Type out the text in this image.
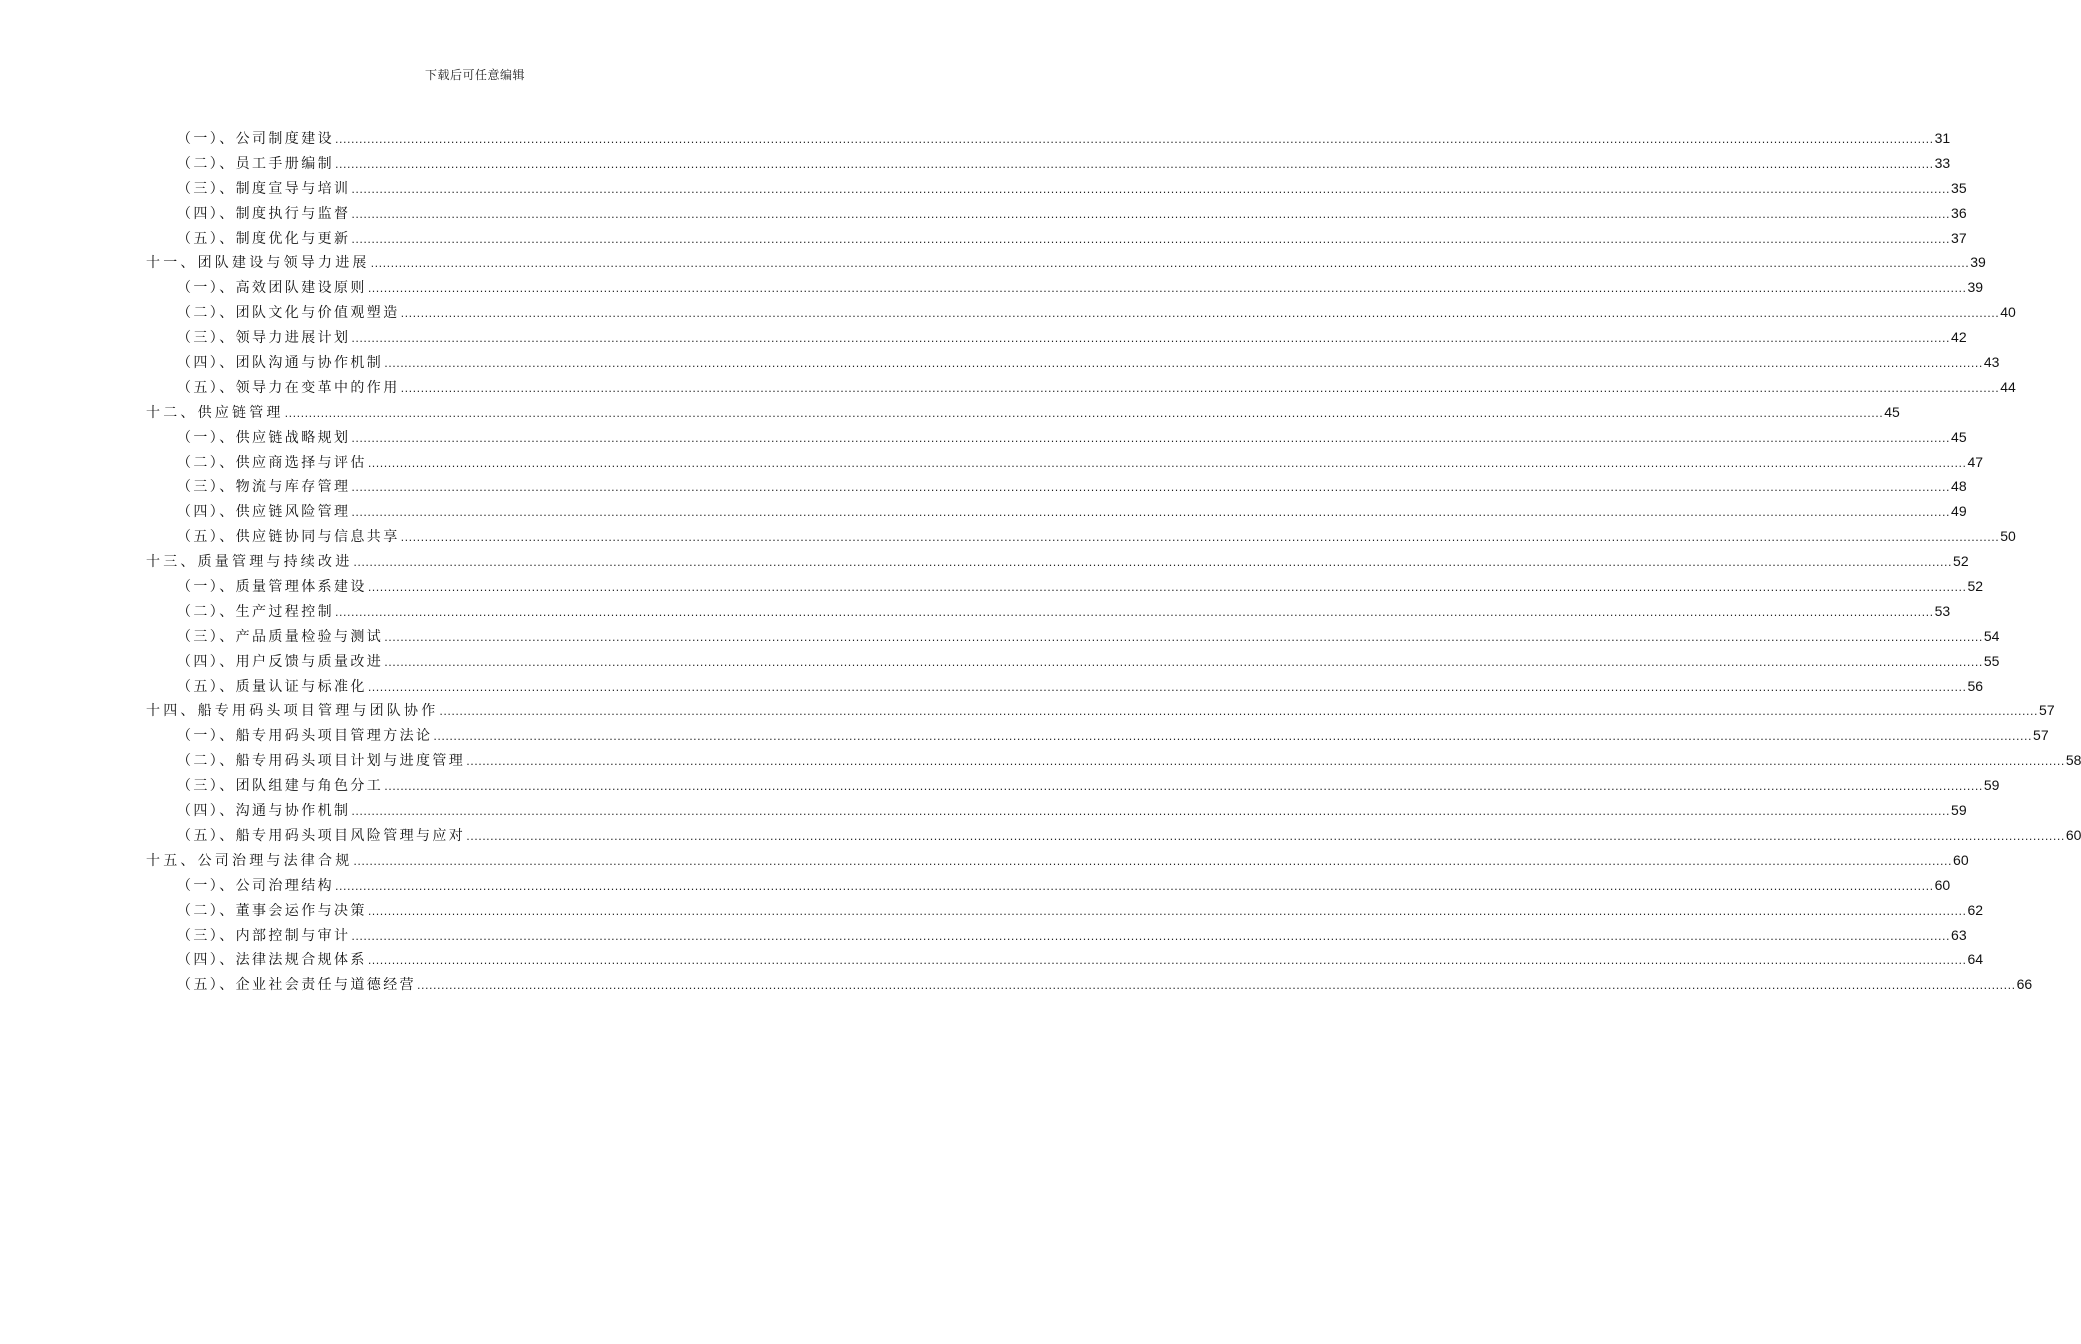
下载后可任意编辑
（一）、公司制度建设 ................................................................................................................................................................................................................................................................................................................................................................................................................ 31
（二）、员工手册编制 ................................................................................................................................................................................................................................................................................................................................................................................................................ 33
（三）、制度宣导与培训 ................................................................................................................................................................................................................................................................................................................................................................................................................ 35
（四）、制度执行与监督 ................................................................................................................................................................................................................................................................................................................................................................................................................ 36
（五）、制度优化与更新 ................................................................................................................................................................................................................................................................................................................................................................................................................ 37
十一、团队建设与领导力进展 ................................................................................................................................................................................................................................................................................................................................................................................................................ 39
（一）、高效团队建设原则 ................................................................................................................................................................................................................................................................................................................................................................................................................ 39
（二）、团队文化与价值观塑造 ................................................................................................................................................................................................................................................................................................................................................................................................................ 40
（三）、领导力进展计划 ................................................................................................................................................................................................................................................................................................................................................................................................................ 42
（四）、团队沟通与协作机制 ................................................................................................................................................................................................................................................................................................................................................................................................................ 43
（五）、领导力在变革中的作用 ................................................................................................................................................................................................................................................................................................................................................................................................................ 44
十二、供应链管理 ................................................................................................................................................................................................................................................................................................................................................................................................................ 45
（一）、供应链战略规划 ................................................................................................................................................................................................................................................................................................................................................................................................................ 45
（二）、供应商选择与评估 ................................................................................................................................................................................................................................................................................................................................................................................................................ 47
（三）、物流与库存管理 ................................................................................................................................................................................................................................................................................................................................................................................................................ 48
（四）、供应链风险管理 ................................................................................................................................................................................................................................................................................................................................................................................................................ 49
（五）、供应链协同与信息共享 ................................................................................................................................................................................................................................................................................................................................................................................................................ 50
十三、质量管理与持续改进 ................................................................................................................................................................................................................................................................................................................................................................................................................ 52
（一）、质量管理体系建设 ................................................................................................................................................................................................................................................................................................................................................................................................................ 52
（二）、生产过程控制 ................................................................................................................................................................................................................................................................................................................................................................................................................ 53
（三）、产品质量检验与测试 ................................................................................................................................................................................................................................................................................................................................................................................................................ 54
（四）、用户反馈与质量改进 ................................................................................................................................................................................................................................................................................................................................................................................................................ 55
（五）、质量认证与标准化 ................................................................................................................................................................................................................................................................................................................................................................................................................ 56
十四、船专用码头项目管理与团队协作 ................................................................................................................................................................................................................................................................................................................................................................................................................ 57
（一）、船专用码头项目管理方法论 ................................................................................................................................................................................................................................................................................................................................................................................................................ 57
（二）、船专用码头项目计划与进度管理 ................................................................................................................................................................................................................................................................................................................................................................................................................ 58
（三）、团队组建与角色分工 ................................................................................................................................................................................................................................................................................................................................................................................................................ 59
（四）、沟通与协作机制 ................................................................................................................................................................................................................................................................................................................................................................................................................ 59
（五）、船专用码头项目风险管理与应对 ................................................................................................................................................................................................................................................................................................................................................................................................................ 60
十五、公司治理与法律合规 ................................................................................................................................................................................................................................................................................................................................................................................................................ 60
（一）、公司治理结构 ................................................................................................................................................................................................................................................................................................................................................................................................................ 60
（二）、董事会运作与决策 ................................................................................................................................................................................................................................................................................................................................................................................................................ 62
（三）、内部控制与审计 ................................................................................................................................................................................................................................................................................................................................................................................................................ 63
（四）、法律法规合规体系 ................................................................................................................................................................................................................................................................................................................................................................................................................ 64
（五）、企业社会责任与道德经营 ................................................................................................................................................................................................................................................................................................................................................................................................................ 66
